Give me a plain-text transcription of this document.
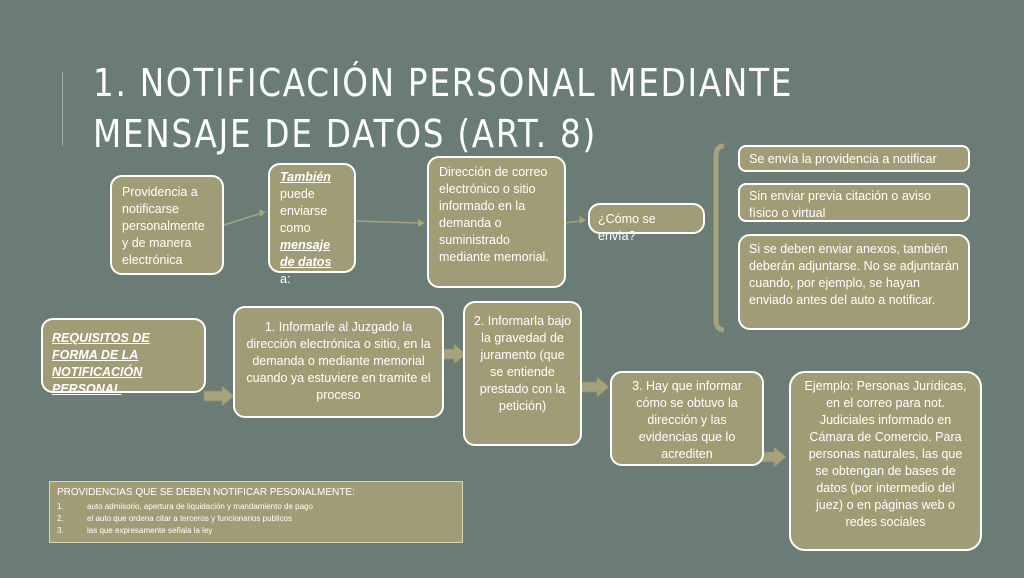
1. NOTIFICACIÓN PERSONAL MEDIANTE MENSAJE DE DATOS (ART. 8)
Providencia a notificarse personalmente y de manera electrónica
También
puede enviarse como
mensaje de datos a:
Dirección de correo electrónico o sitio informado en la demanda o suministrado mediante memorial.
¿Cómo se envía?
Se envía la providencia a notificar
Sin enviar previa citación o aviso físico o virtual
Si se deben enviar anexos, también deberán adjuntarse. No se adjuntarán cuando, por ejemplo, se hayan enviado antes del auto a notificar.
REQUISITOS DE FORMA DE LA NOTIFICACIÓN PERSONAL
1. Informarle al Juzgado la dirección electrónica o sitio, en la demanda o mediante memorial cuando ya estuviere en tramite el proceso
2. Informarla bajo la gravedad de juramento (que se entiende prestado con la petición)
3. Hay que informar cómo se obtuvo la dirección y las evidencias que lo acrediten
Ejemplo: Personas Jurídicas, en el correo para not. Judiciales informado en Cámara de Comercio. Para personas naturales, las que se obtengan de bases de datos (por intermedio del juez) o en páginas web o redes sociales
PROVIDENCIAS QUE SE DEBEN NOTIFICAR PESONALMENTE:
1.	auto admisorio, apertura de liquidación y mandamiento de pago
2.	el auto que ordena citar a terceros y funcionarios publicos
3.	las que expresamente señala la ley
